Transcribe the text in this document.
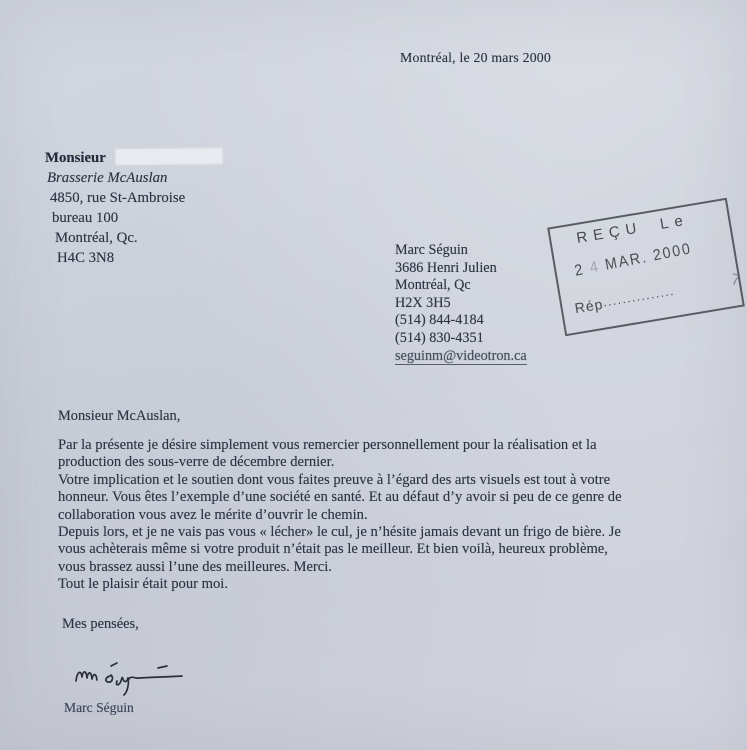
Montréal, le 20 mars 2000
Monsieur
Brasserie McAuslan
4850, rue St-Ambroise
bureau 100
Montréal, Qc.
H4C 3N8	Marc Séguin
3686 Henri Julien
Montréal, Qc
H2X 3H5
(514) 844-4184
(514) 830-4351
seguinm@videotron.ca
REÇU Le
2 4 MAR. 2000
Rép...............
7
Monsieur McAuslan,
Par la présente je désire simplement vous remercier personnellement pour la réalisation et la
production des sous-verre de décembre dernier.
Votre implication et le soutien dont vous faites preuve à l’égard des arts visuels est tout à votre
honneur. Vous êtes l’exemple d’une société en santé. Et au défaut d’y avoir si peu de ce genre de
collaboration vous avez le mérite d’ouvrir le chemin.
Depuis lors, et je ne vais pas vous « lécher» le cul, je n’hésite jamais devant un frigo de bière. Je
vous achèterais même si votre produit n’était pas le meilleur. Et bien voilà, heureux problème,
vous brassez aussi l’une des meilleures. Merci.
Tout le plaisir était pour moi.
Mes pensées,
Marc Séguin
